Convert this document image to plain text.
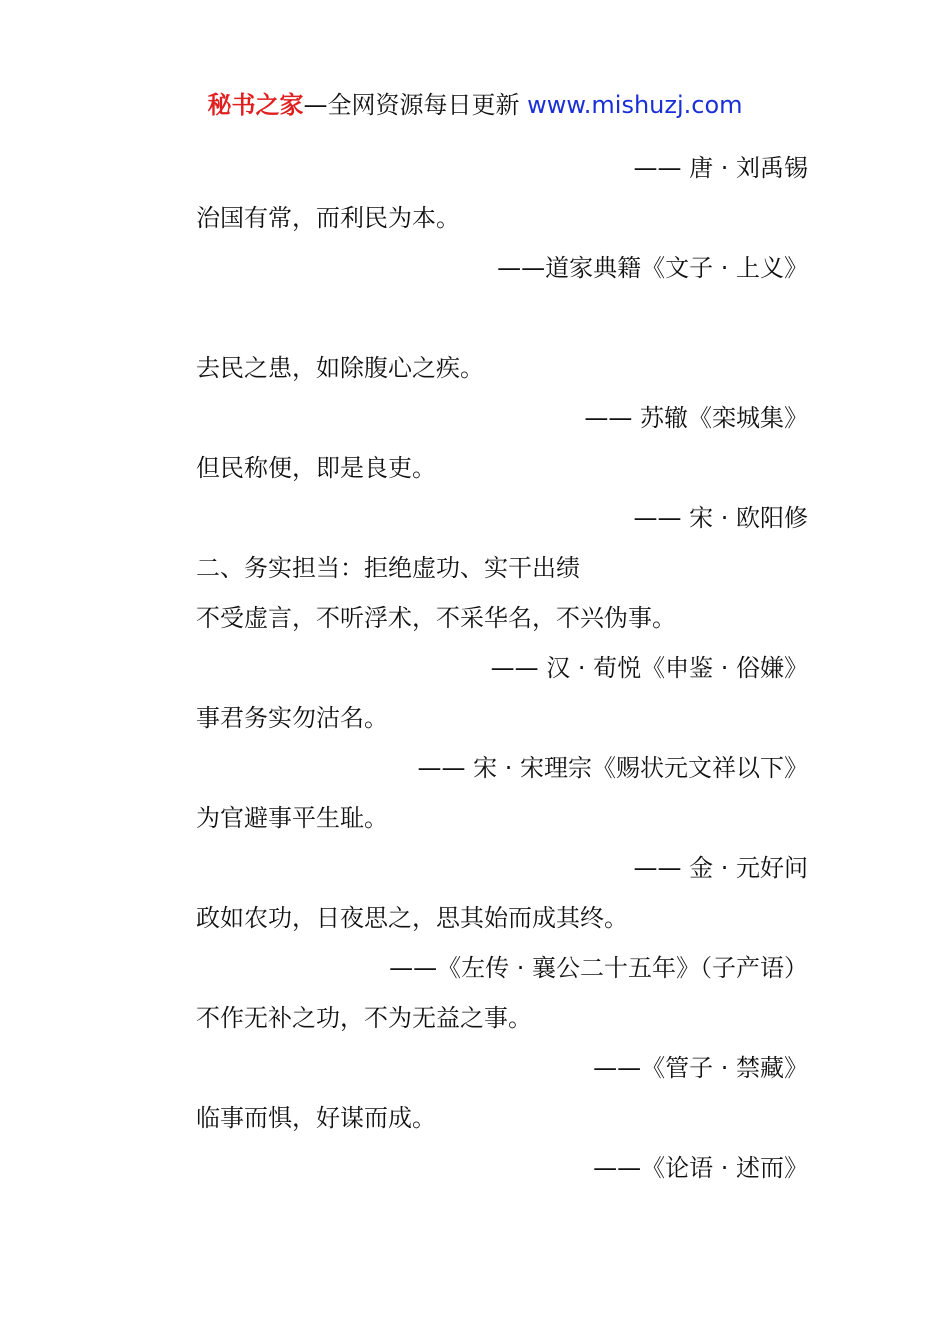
秘书之家—全网资源每日更新 www.mishuzj.com
—— 唐 · 刘禹锡
治国有常，而利民为本。
——道家典籍《文子 · 上义》
去民之患，如除腹心之疾。
—— 苏辙《栾城集》
但民称便，即是良吏。
—— 宋 · 欧阳修
二、务实担当：拒绝虚功、实干出绩
不受虚言，不听浮术，不采华名，不兴伪事。
—— 汉 · 荀悦《申鉴 · 俗嫌》
事君务实勿沽名。
—— 宋 · 宋理宗《赐状元文祥以下》
为官避事平生耻。
—— 金 · 元好问
政如农功，日夜思之，思其始而成其终。
——《左传 · 襄公二十五年》（子产语）
不作无补之功，不为无益之事。
——《管子 · 禁藏》
临事而惧，好谋而成。
——《论语 · 述而》
